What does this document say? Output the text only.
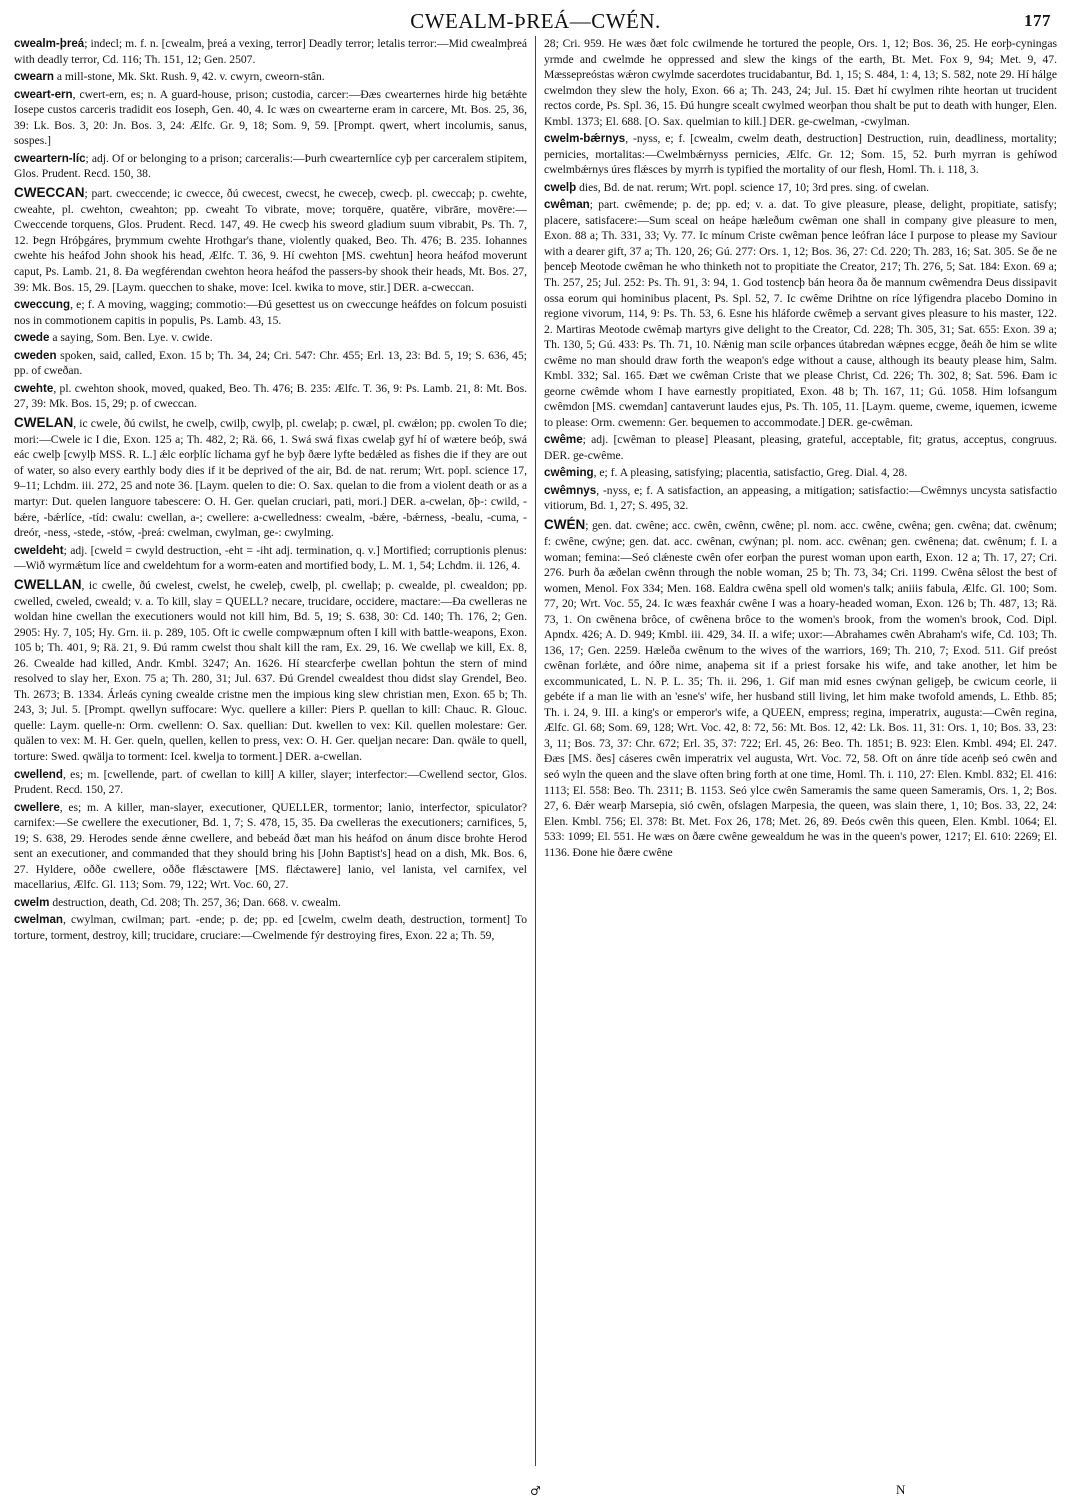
CWEALM-ÞREÁ—CWÉN.	177

cwealm-þreá; indecl; m. f. n. [cwealm, þreá a vexing, terror] Deadly terror; letalis terror:—Mid cwealmþreá with deadly terror, Cd. 116; Th. 151, 12; Gen. 2507.

cwearn a mill-stone, Mk. Skt. Rush. 9, 42. v. cwyrn, cweorn-stân.

cweart-ern, cwert-ern, es; n. A guard-house, prison; custodia, carcer:—Ðæs cwearternes hirde hig betǽhte Iosepe custos carceris tradidit eos Ioseph, Gen. 40, 4. Ic wæs on cwearterne eram in carcere, Mt. Bos. 25, 36, 39: Lk. Bos. 3, 20: Jn. Bos. 3, 24: Ælfc. Gr. 9, 18; Som. 9, 59. [Prompt. qwert, whert incolumis, sanus, sospes.]

cweartern-líc; adj. Of or belonging to a prison; carceralis:—Þurh cwearternlíce cyþ per carceralem stipitem, Glos. Prudent. Recd. 150, 38.

CWECCAN; part. cweccende; ic cwecce, ðú cwecest, cwecst, he cweceþ, cwecþ. pl. cweccaþ; p. cwehte, cweahte, pl. cwehton, cweahton; pp. cweaht To vibrate, move; torquēre, quatĕre, vibrāre, movēre:—Cweccende torquens, Glos. Prudent. Recd. 147, 49. He cwecþ his sweord gladium suum vibrabit, Ps. Th. 7, 12. Þegn Hróþgáres, þrymmum cwehte Hrothgar's thane, violently quaked, Beo. Th. 476; B. 235. Iohannes cwehte his heáfod John shook his head, Ælfc. T. 36, 9. Hí cwehton [MS. cwehtun] heora heáfod moverunt caput, Ps. Lamb. 21, 8. Ða wegférendan cwehton heora heáfod the passers-by shook their heads, Mt. Bos. 27, 39: Mk. Bos. 15, 29. [Laym. quecchen to shake, move: Icel. kwika to move, stir.] DER. a-cweccan.

cweccung, e; f. A moving, wagging; commotio:—Ðú gesettest us on cweccunge heáfdes on folcum posuisti nos in commotionem capitis in populis, Ps. Lamb. 43, 15.

cwede a saying, Som. Ben. Lye. v. cwide.

cweden spoken, said, called, Exon. 15 b; Th. 34, 24; Cri. 547: Chr. 455; Erl. 13, 23: Bd. 5, 19; S. 636, 45; pp. of cweðan.

cwehte, pl. cwehton shook, moved, quaked, Beo. Th. 476; B. 235: Ælfc. T. 36, 9: Ps. Lamb. 21, 8: Mt. Bos. 27, 39: Mk. Bos. 15, 29; p. of cweccan.

CWELAN, ic cwele, ðú cwilst, he cwelþ, cwilþ, cwylþ, pl. cwelaþ; p. cwæl, pl. cwǽlon; pp. cwolen To die; mori:—Cwele ic I die, Exon. 125 a; Th. 482, 2; Rä. 66, 1. Swá swá fixas cwelaþ gyf hí of wætere beóþ, swá eác cwelþ [cwylþ MSS. R. L.] ǽlc eorþlíc líchama gyf he byþ ðære lyfte bedǽled as fishes die if they are out of water, so also every earthly body dies if it be deprived of the air, Bd. de nat. rerum; Wrt. popl. science 17, 9–11; Lchdm. iii. 272, 25 and note 36. [Laym. quelen to die: O. Sax. quelan to die from a violent death or as a martyr: Dut. quelen languore tabescere: O. H. Ger. quelan cruciari, pati, mori.] DER. a-cwelan, ōþ-: cwild, -bǽre, -bǽrlíce, -tíd: cwalu: cwellan, a-; cwellere: a-cwelledness: cwealm, -bǽre, -bǽrness, -bealu, -cuma, -dreór, -ness, -stede, -stów, -þreá: cwelman, cwylman, ge-: cwylming.

cweldeht; adj. [cweld = cwyld destruction, -eht = -iht adj. termination, q. v.] Mortified; corruptionis plenus:—Wið wyrmǽtum líce and cweldehtum for a worm-eaten and mortified body, L. M. 1, 54; Lchdm. ii. 126, 4.

CWELLAN, ic cwelle, ðú cwelest, cwelst, he cweleþ, cwelþ, pl. cwellaþ; p. cwealde, pl. cwealdon; pp. cwelled, cweled, cweald; v. a. To kill, slay = QUELL? necare, trucidare, occidere, mactare:—Ða cwelleras ne woldan hine cwellan the executioners would not kill him, Bd. 5, 19; S. 638, 30: Cd. 140; Th. 176, 2; Gen. 2905: Hy. 7, 105; Hy. Grn. ii. p. 289, 105. Oft ic cwelle compwæpnum often I kill with battle-weapons, Exon. 105 b; Th. 401, 9; Rä. 21, 9. Ðú ramm cwelst thou shalt kill the ram, Ex. 29, 16. We cwellaþ we kill, Ex. 8, 26. Cwealde had killed, Andr. Kmbl. 3247; An. 1626. Hí stearcferþe cwellan þohtun the stern of mind resolved to slay her, Exon. 75 a; Th. 280, 31; Jul. 637. Ðú Grendel cwealdest thou didst slay Grendel, Beo. Th. 2673; B. 1334. Árleás cyning cwealde cristne men the impious king slew christian men, Exon. 65 b; Th. 243, 3; Jul. 5. [Prompt. qwellyn suffocare: Wyc. quellere a killer: Piers P. quellan to kill: Chauc. R. Glouc. quelle: Laym. quelle-n: Orm. cwellenn: O. Sax. quellian: Dut. kwellen to vex: Kil. quellen molestare: Ger. quälen to vex: M. H. Ger. queln, quellen, kellen to press, vex: O. H. Ger. queljan necare: Dan. qwäle to quell, torture: Swed. qwälja to torment: Icel. kwelja to torment.] DER. a-cwellan.

cwellend, es; m. [cwellende, part. of cwellan to kill] A killer, slayer; interfector:—Cwellend sector, Glos. Prudent. Recd. 150, 27.

cwellere, es; m. A killer, man-slayer, executioner, QUELLER, tormentor; lanio, interfector, spiculator? carnifex:—Se cwellere the executioner, Bd. 1, 7; S. 478, 15, 35. Ða cwelleras the executioners; carnifices, 5, 19; S. 638, 29. Herodes sende ǽnne cwellere, and bebeád ðæt man his heáfod on ánum disce brohte Herod sent an executioner, and commanded that they should bring his [John Baptist's] head on a dish, Mk. Bos. 6, 27. Hyldere, oððe cwellere, oððe flǽsctawere [MS. flǽctawere] lanio, vel lanista, vel carnifex, vel macellarius, Ælfc. Gl. 113; Som. 79, 122; Wrt. Voc. 60, 27.

cwelm destruction, death, Cd. 208; Th. 257, 36; Dan. 668. v. cwealm.

cwelman, cwylman, cwilman; part. -ende; p. de; pp. ed [cwelm, cwelm death, destruction, torment] To torture, torment, destroy, kill; trucidare, cruciare:—Cwelmende fýr destroying fires, Exon. 22 a; Th. 59,

28; Cri. 959. He wæs ðæt folc cwilmende he tortured the people, Ors. 1, 12; Bos. 36, 25. He eorþ-cyningas yrmde and cwelmde he oppressed and slew the kings of the earth, Bt. Met. Fox 9, 94; Met. 9, 47. Mæssepreóstas wǽron cwylmde sacerdotes trucidabantur, Bd. 1, 15; S. 484, 1: 4, 13; S. 582, note 29. Hí hálge cwelmdon they slew the holy, Exon. 66 a; Th. 243, 24; Jul. 15. Ðæt hí cwylmen rihte heortan ut trucident rectos corde, Ps. Spl. 36, 15. Ðú hungre scealt cwylmed weorþan thou shalt be put to death with hunger, Elen. Kmbl. 1373; El. 688. [O. Sax. quelmian to kill.] DER. ge-cwelman, -cwylman.

cwelm-bǽrnys, -nyss, e; f. [cwealm, cwelm death, destruction] Destruction, ruin, deadliness, mortality; pernicies, mortalitas:—Cwelmbǽrnyss pernicies, Ælfc. Gr. 12; Som. 15, 52. Þurh myrran is gehíwod cwelmbǽrnys úres flǽsces by myrrh is typified the mortality of our flesh, Homl. Th. i. 118, 3.

cwelþ dies, Bd. de nat. rerum; Wrt. popl. science 17, 10; 3rd pres. sing. of cwelan.

cwêman; part. cwêmende; p. de; pp. ed; v. a. dat. To give pleasure, please, delight, propitiate, satisfy; placere, satisfacere:—Sum sceal on heápe hæleðum cwêman one shall in company give pleasure to men, Exon. 88 a; Th. 331, 33; Vy. 77. Ic mínum Criste cwêman þence leófran láce I purpose to please my Saviour with a dearer gift, 37 a; Th. 120, 26; Gú. 277: Ors. 1, 12; Bos. 36, 27: Cd. 220; Th. 283, 16; Sat. 305. Se ðe ne þenceþ Meotode cwêman he who thinketh not to propitiate the Creator, 217; Th. 276, 5; Sat. 184: Exon. 69 a; Th. 257, 25; Jul. 252: Ps. Th. 91, 3: 94, 1. God tostencþ bán heora ða ðe mannum cwêmendra Deus dissipavit ossa eorum qui hominibus placent, Ps. Spl. 52, 7. Ic cwême Drihtne on ríce lýfigendra placebo Domino in regione vivorum, 114, 9: Ps. Th. 53, 6. Esne his hláforde cwêmeþ a servant gives pleasure to his master, 122. 2. Martiras Meotode cwêmaþ martyrs give delight to the Creator, Cd. 228; Th. 305, 31; Sat. 655: Exon. 39 a; Th. 130, 5; Gú. 433: Ps. Th. 71, 10. Nǽnig man scile orþances útabredan wǽpnes ecgge, ðeáh ðe him se wlite cwême no man should draw forth the weapon's edge without a cause, although its beauty please him, Salm. Kmbl. 332; Sal. 165. Ðæt we cwêman Criste that we please Christ, Cd. 226; Th. 302, 8; Sat. 596. Ðam ic georne cwêmde whom I have earnestly propitiated, Exon. 48 b; Th. 167, 11; Gú. 1058. Him lofsangum cwêmdon [MS. cwemdan] cantaverunt laudes ejus, Ps. Th. 105, 11. [Laym. queme, cweme, iquemen, icweme to please: Orm. cwemenn: Ger. bequemen to accommodate.] DER. ge-cwêman.

cwême; adj. [cwêman to please] Pleasant, pleasing, grateful, acceptable, fit; gratus, acceptus, congruus. DER. ge-cwême.

cwêming, e; f. A pleasing, satisfying; placentia, satisfactio, Greg. Dial. 4, 28.

cwêmnys, -nyss, e; f. A satisfaction, an appeasing, a mitigation; satisfactio:—Cwêmnys uncysta satisfactio vitiorum, Bd. 1, 27; S. 495, 32.

CWÉN; gen. dat. cwêne; acc. cwên, cwênn, cwêne; pl. nom. acc. cwêne, cwêna; gen. cwêna; dat. cwênum; f: cwêne, cwýne; gen. dat. acc. cwênan, cwýnan; pl. nom. acc. cwênan; gen. cwênena; dat. cwênum; f. I. a woman; femina:—Seó clǽneste cwên ofer eorþan the purest woman upon earth, Exon. 12 a; Th. 17, 27; Cri. 276. Þurh ða æðelan cwênn through the noble woman, 25 b; Th. 73, 34; Cri. 1199. Cwêna sêlost the best of women, Menol. Fox 334; Men. 168. Ealdra cwêna spell old women's talk; aniiis fabula, Ælfc. Gl. 100; Som. 77, 20; Wrt. Voc. 55, 24. Ic wæs feaxhár cwêne I was a hoary-headed woman, Exon. 126 b; Th. 487, 13; Rä. 73, 1. On cwênena brôce, of cwênena brôce to the women's brook, from the women's brook, Cod. Dipl. Apndx. 426; A. D. 949; Kmbl. iii. 429, 34. II. a wife; uxor:—Abrahames cwên Abraham's wife, Cd. 103; Th. 136, 17; Gen. 2259. Hæleða cwênum to the wives of the warriors, 169; Th. 210, 7; Exod. 511. Gif preóst cwênan forlǽte, and óðre nime, anaþema sit if a priest forsake his wife, and take another, let him be excommunicated, L. N. P. L. 35; Th. ii. 296, 1. Gif man mid esnes cwýnan geligeþ, be cwicum ceorle, ii gebéte if a man lie with an 'esne's' wife, her husband still living, let him make twofold amends, L. Ethb. 85; Th. i. 24, 9. III. a king's or emperor's wife, a QUEEN, empress; regina, imperatrix, augusta:—Cwên regina, Ælfc. Gl. 68; Som. 69, 128; Wrt. Voc. 42, 8: 72, 56: Mt. Bos. 12, 42: Lk. Bos. 11, 31: Ors. 1, 10; Bos. 33, 23: 3, 11; Bos. 73, 37: Chr. 672; Erl. 35, 37: 722; Erl. 45, 26: Beo. Th. 1851; B. 923: Elen. Kmbl. 494; El. 247. Ðæs [MS. ðes] cáseres cwên imperatrix vel augusta, Wrt. Voc. 72, 58. Oft on ánre tíde aceṅþ seó cwên and seó wyln the queen and the slave often bring forth at one time, Homl. Th. i. 110, 27: Elen. Kmbl. 832; El. 416: 1113; El. 558: Beo. Th. 2311; B. 1153. Seó ylce cwên Sameramis the same queen Sameramis, Ors. 1, 2; Bos. 27, 6. Ðǽr wearþ Marsepia, sió cwên, ofslagen Marpesia, the queen, was slain there, 1, 10; Bos. 33, 22, 24: Elen. Kmbl. 756; El. 378: Bt. Met. Fox 26, 178; Met. 26, 89. Ðeós cwên this queen, Elen. Kmbl. 1064; El. 533: 1099; El. 551. He wæs on ðære cwêne gewealdum he was in the queen's power, 1217; El. 610: 2269; El. 1136. Ðone hie ðære cwêne

♂	N
